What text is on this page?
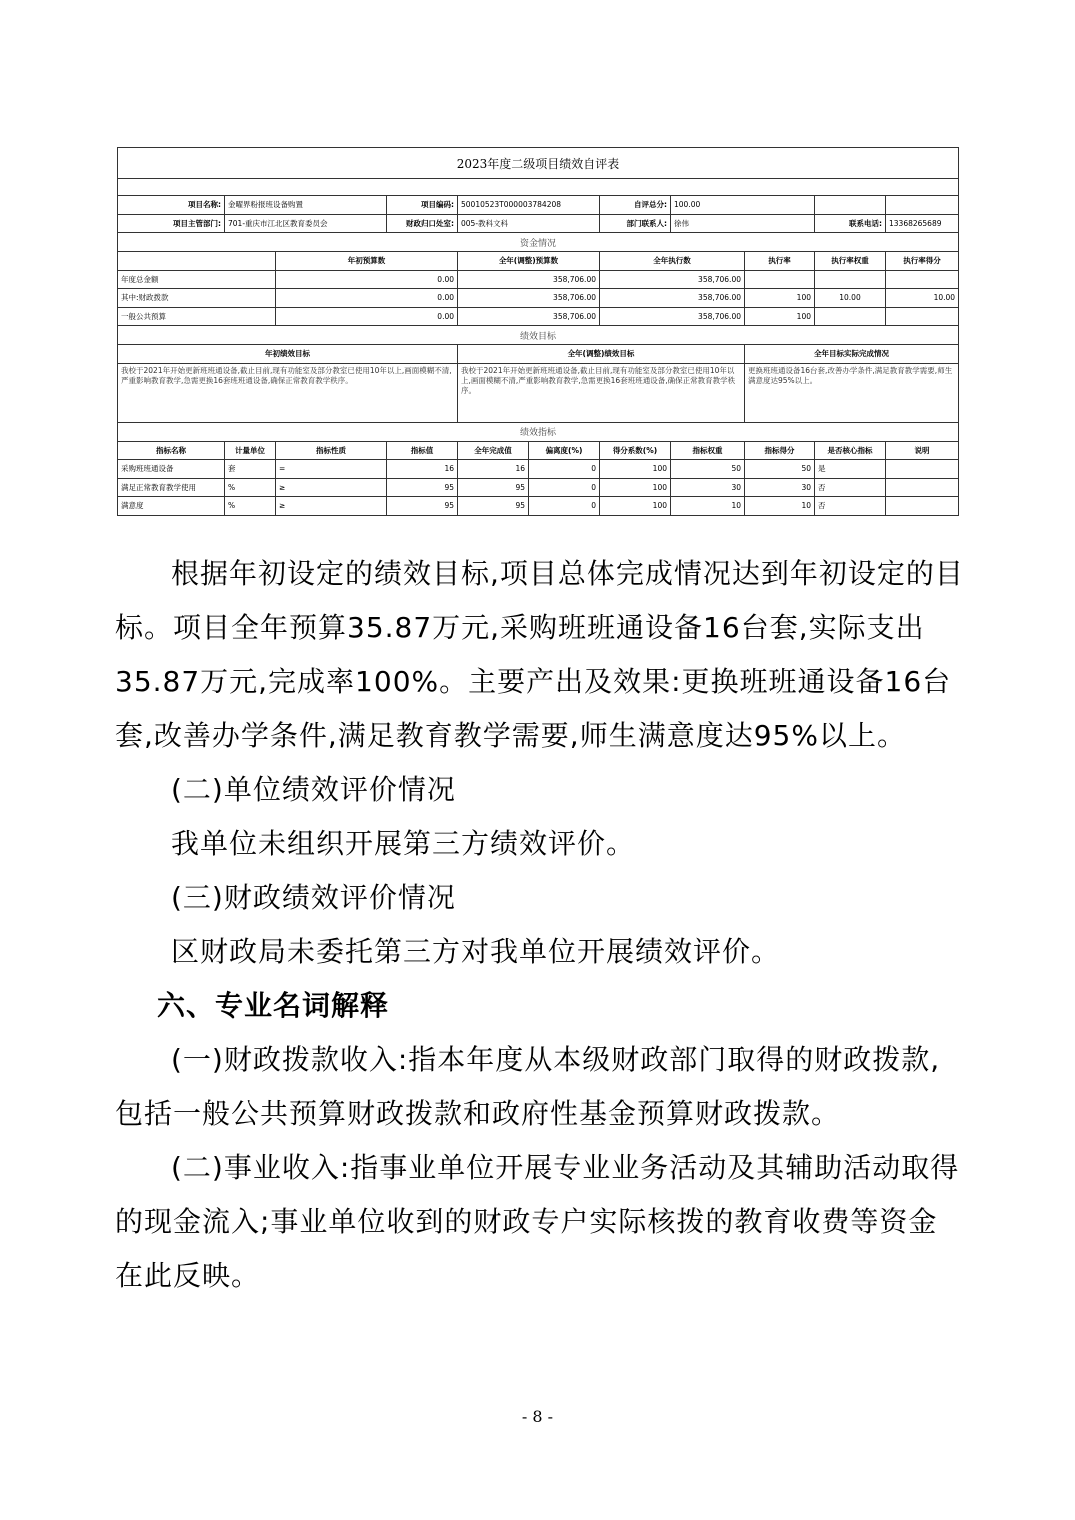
2023年度二级项目绩效自评表										

项目名称:	金曜界粉报班设备购置		项目编码:	50010523T000003784208		自评总分:	100.00			
项目主管部门:	701-重庆市江北区教育委员会		财政归口处室:	005-教科文科		部门联系人:	徐伟		联系电话:	13368265689
资金情况										
		年初预算数		全年(调整)预算数		全年执行数		执行率	执行率权重	执行率得分
年度总金额		0.00		358,706.00		358,706.00				
其中:财政拨款		0.00		358,706.00		358,706.00		100	10.00	10.00
一般公共预算		0.00		358,706.00		358,706.00		100		
绩效目标										
年初绩效目标				全年(调整)绩效目标				全年目标实际完成情况		
我校于2021年开始更新班班通设备,截止目前,现有功能室及部分教室已使用10年以上,画面模糊不清,严重影响教育教学,急需更换16套班班通设备,确保正常教育教学秩序。				我校于2021年开始更新班班通设备,截止目前,现有功能室及部分教室已使用10年以上,画面模糊不清,严重影响教育教学,急需更换16套班班通设备,确保正常教育教学秩序。				更换班班通设备16台套,改善办学条件,满足教育教学需要,师生满意度达95%以上。		
绩效指标										
指标名称	计量单位	指标性质	指标值	全年完成值	偏离度(%)	得分系数(%)	指标权重	指标得分	是否核心指标	说明
采购班班通设备	套	=	16	16	0	100	50	50	是	
满足正常教育教学使用	%	≥	95	95	0	100	30	30	否	
满意度	%	≥	95	95	0	100	10	10	否	

根据年初设定的绩效目标,项目总体完成情况达到年初设定的目标。项目全年预算35.87万元,采购班班通设备16台套,实际支出35.87万元,完成率100%。主要产出及效果:更换班班通设备16台套,改善办学条件,满足教育教学需要,师生满意度达95%以上。

(二)单位绩效评价情况

我单位未组织开展第三方绩效评价。

(三)财政绩效评价情况

区财政局未委托第三方对我单位开展绩效评价。

六、专业名词解释

(一)财政拨款收入:指本年度从本级财政部门取得的财政拨款,包括一般公共预算财政拨款和政府性基金预算财政拨款。

(二)事业收入:指事业单位开展专业业务活动及其辅助活动取得的现金流入;事业单位收到的财政专户实际核拨的教育收费等资金在此反映。

- 8 -
